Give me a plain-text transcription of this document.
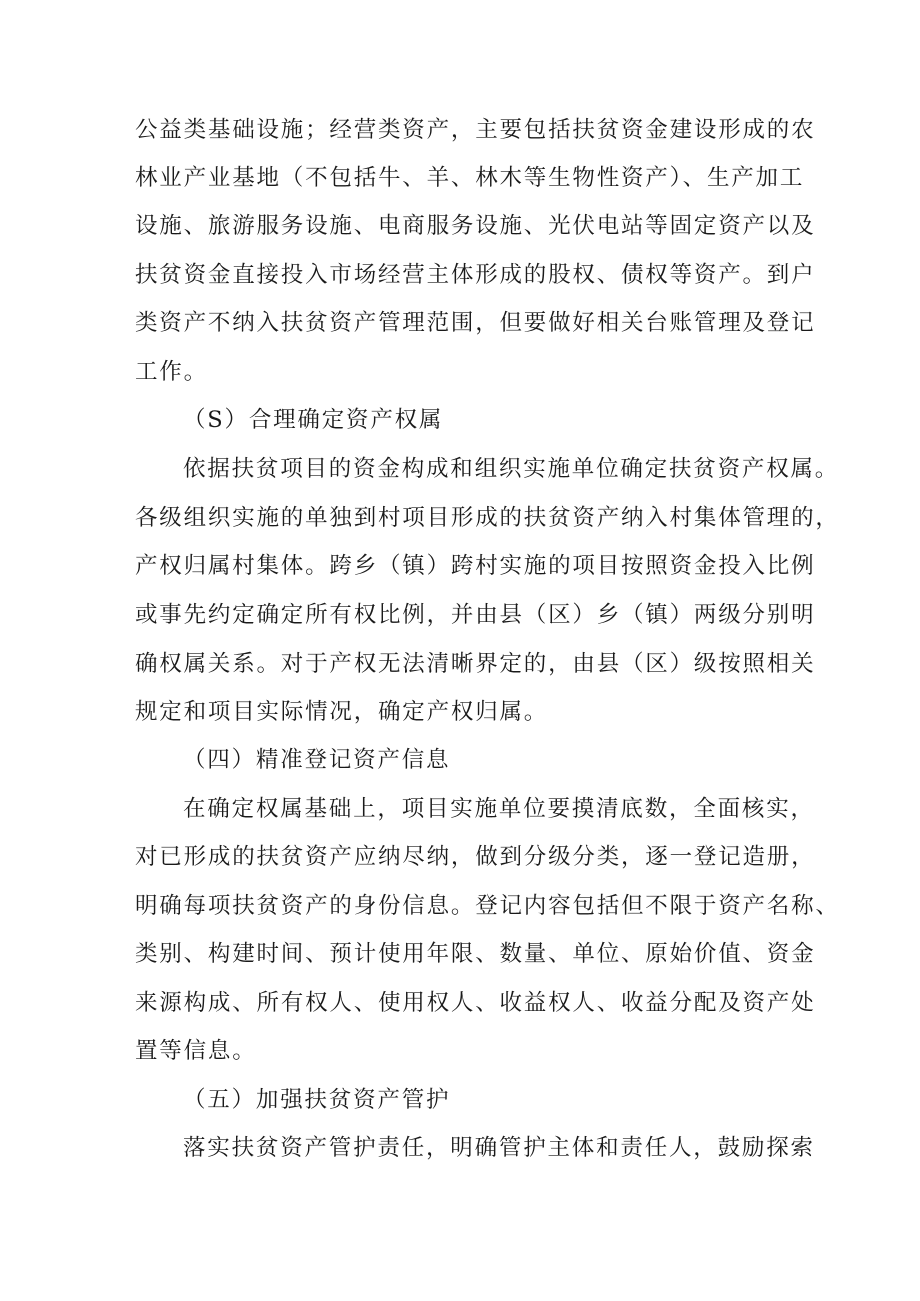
公益类基础设施；经营类资产，主要包括扶贫资金建设形成的农
林业产业基地（不包括牛、羊、林木等生物性资产）、生产加工
设施、旅游服务设施、电商服务设施、光伏电站等固定资产以及
扶贫资金直接投入市场经营主体形成的股权、债权等资产。到户
类资产不纳入扶贫资产管理范围，但要做好相关台账管理及登记
工作。
（S）合理确定资产权属
依据扶贫项目的资金构成和组织实施单位确定扶贫资产权属。
各级组织实施的单独到村项目形成的扶贫资产纳入村集体管理的，
产权归属村集体。跨乡（镇）跨村实施的项目按照资金投入比例
或事先约定确定所有权比例，并由县（区）乡（镇）两级分别明
确权属关系。对于产权无法清晰界定的，由县（区）级按照相关
规定和项目实际情况，确定产权归属。
（四）精准登记资产信息
在确定权属基础上，项目实施单位要摸清底数，全面核实，
对已形成的扶贫资产应纳尽纳，做到分级分类，逐一登记造册，
明确每项扶贫资产的身份信息。登记内容包括但不限于资产名称、
类别、构建时间、预计使用年限、数量、单位、原始价值、资金
来源构成、所有权人、使用权人、收益权人、收益分配及资产处
置等信息。
（五）加强扶贫资产管护
落实扶贫资产管护责任，明确管护主体和责任人，鼓励探索
